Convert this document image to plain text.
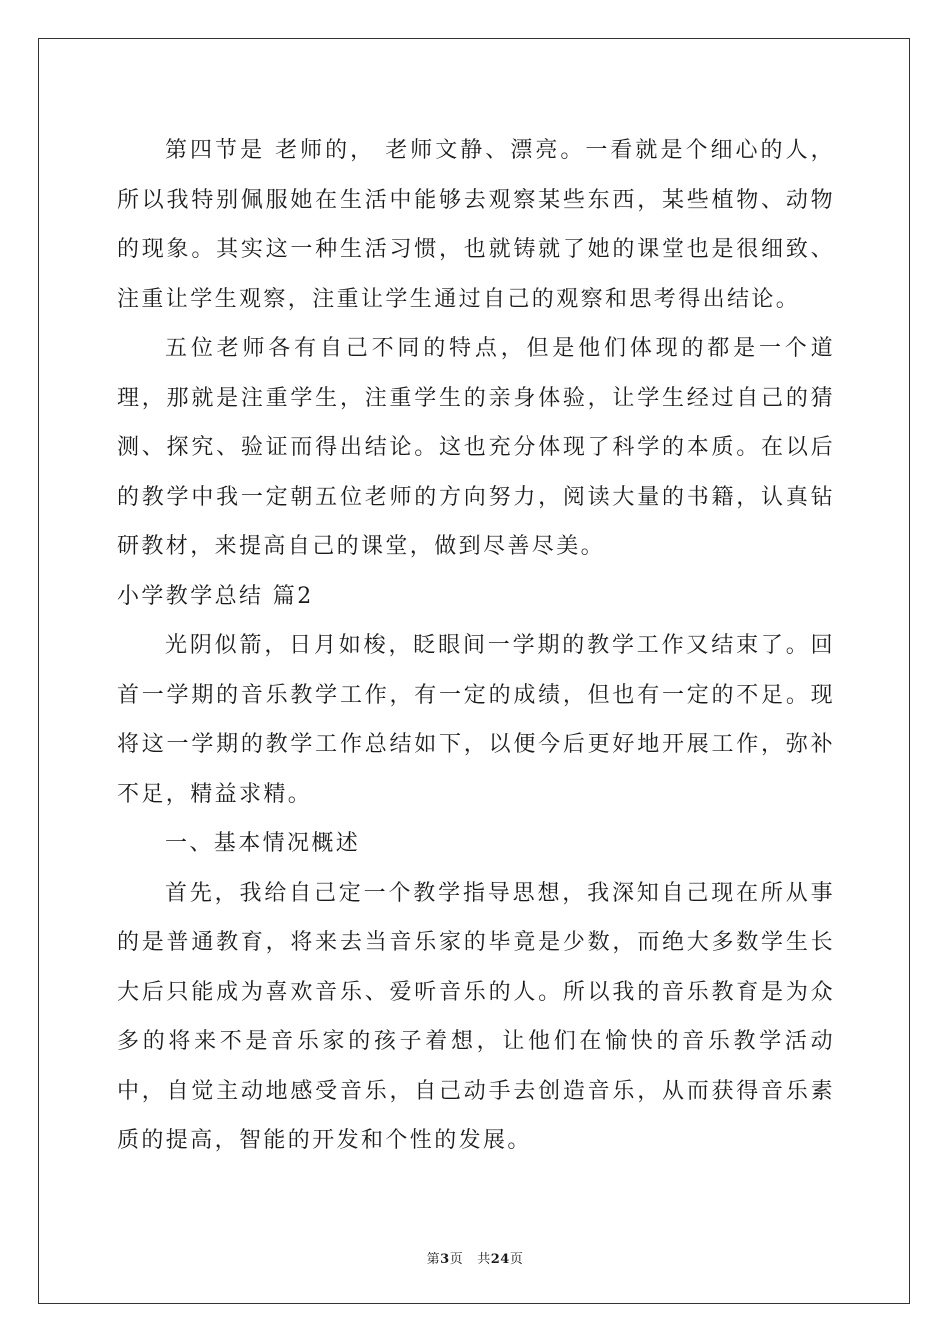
第四节是 老师的， 老师文静、漂亮。一看就是个细心的人，所以我特别佩服她在生活中能够去观察某些东西，某些植物、动物的现象。其实这一种生活习惯，也就铸就了她的课堂也是很细致、注重让学生观察，注重让学生通过自己的观察和思考得出结论。

五位老师各有自己不同的特点，但是他们体现的都是一个道理，那就是注重学生，注重学生的亲身体验，让学生经过自己的猜测、探究、验证而得出结论。这也充分体现了科学的本质。在以后的教学中我一定朝五位老师的方向努力，阅读大量的书籍，认真钻研教材，来提高自己的课堂，做到尽善尽美。

小学教学总结 篇2

光阴似箭，日月如梭，眨眼间一学期的教学工作又结束了。回首一学期的音乐教学工作，有一定的成绩，但也有一定的不足。现将这一学期的教学工作总结如下，以便今后更好地开展工作，弥补不足，精益求精。

一、基本情况概述

首先，我给自己定一个教学指导思想，我深知自己现在所从事的是普通教育，将来去当音乐家的毕竟是少数，而绝大多数学生长大后只能成为喜欢音乐、爱听音乐的人。所以我的音乐教育是为众多的将来不是音乐家的孩子着想，让他们在愉快的音乐教学活动中，自觉主动地感受音乐，自己动手去创造音乐，从而获得音乐素质的提高，智能的开发和个性的发展。

第3页 共24页
